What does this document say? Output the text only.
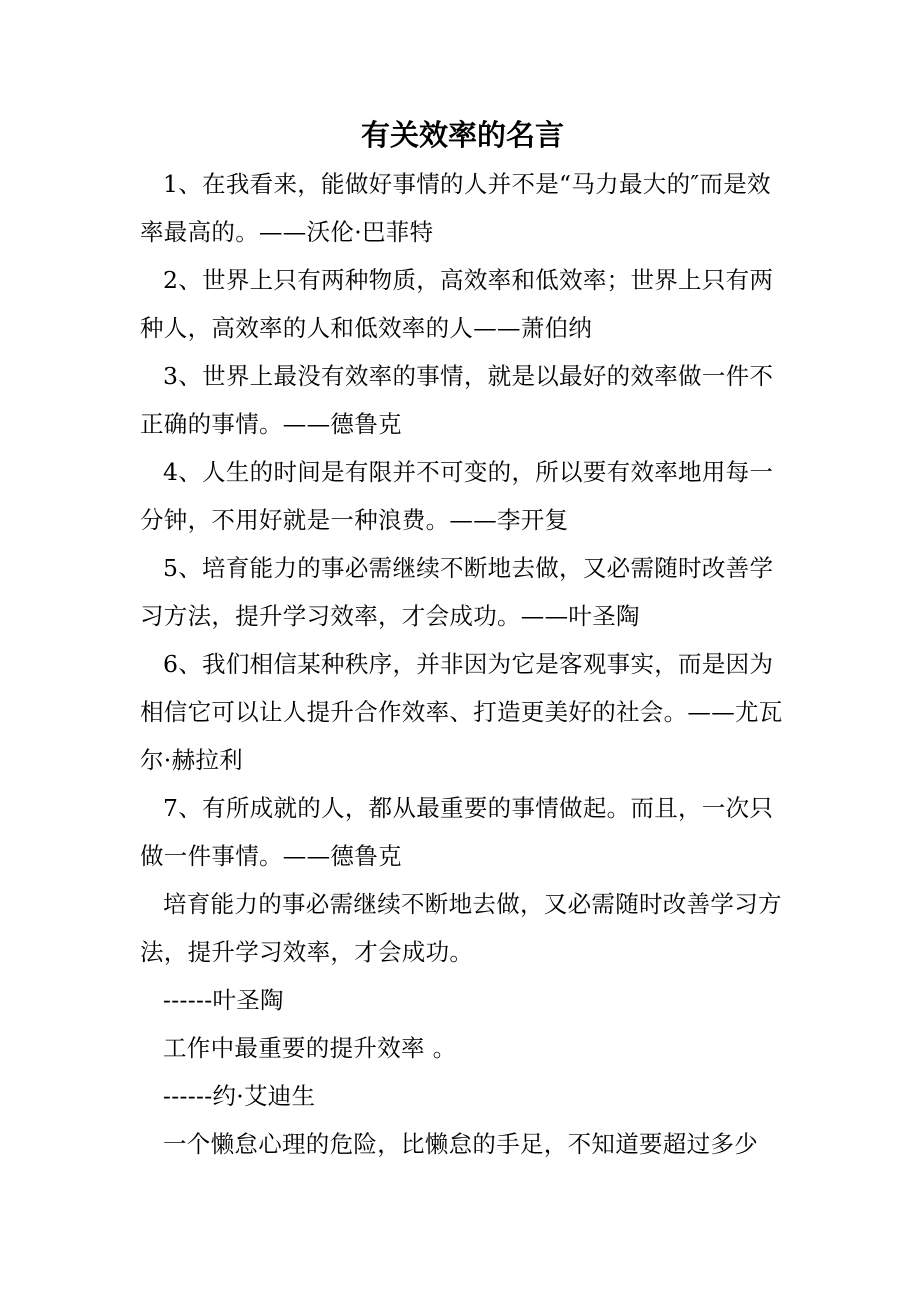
有关效率的名言

1、在我看来，能做好事情的人并不是“马力最大的″而是效率最高的。——沃伦·巴菲特

2、世界上只有两种物质，高效率和低效率；世界上只有两种人，高效率的人和低效率的人——萧伯纳

3、世界上最没有效率的事情，就是以最好的效率做一件不正确的事情。——德鲁克

4、人生的时间是有限并不可变的，所以要有效率地用每一分钟，不用好就是一种浪费。——李开复

5、培育能力的事必需继续不断地去做，又必需随时改善学习方法，提升学习效率，才会成功。——叶圣陶

6、我们相信某种秩序，并非因为它是客观事实，而是因为相信它可以让人提升合作效率、打造更美好的社会。——尤瓦尔·赫拉利

7、有所成就的人，都从最重要的事情做起。而且，一次只做一件事情。——德鲁克

培育能力的事必需继续不断地去做，又必需随时改善学习方法，提升学习效率，才会成功。

------叶圣陶

工作中最重要的提升效率 。

------约·艾迪生

一个懒怠心理的危险，比懒怠的手足，不知道要超过多少
